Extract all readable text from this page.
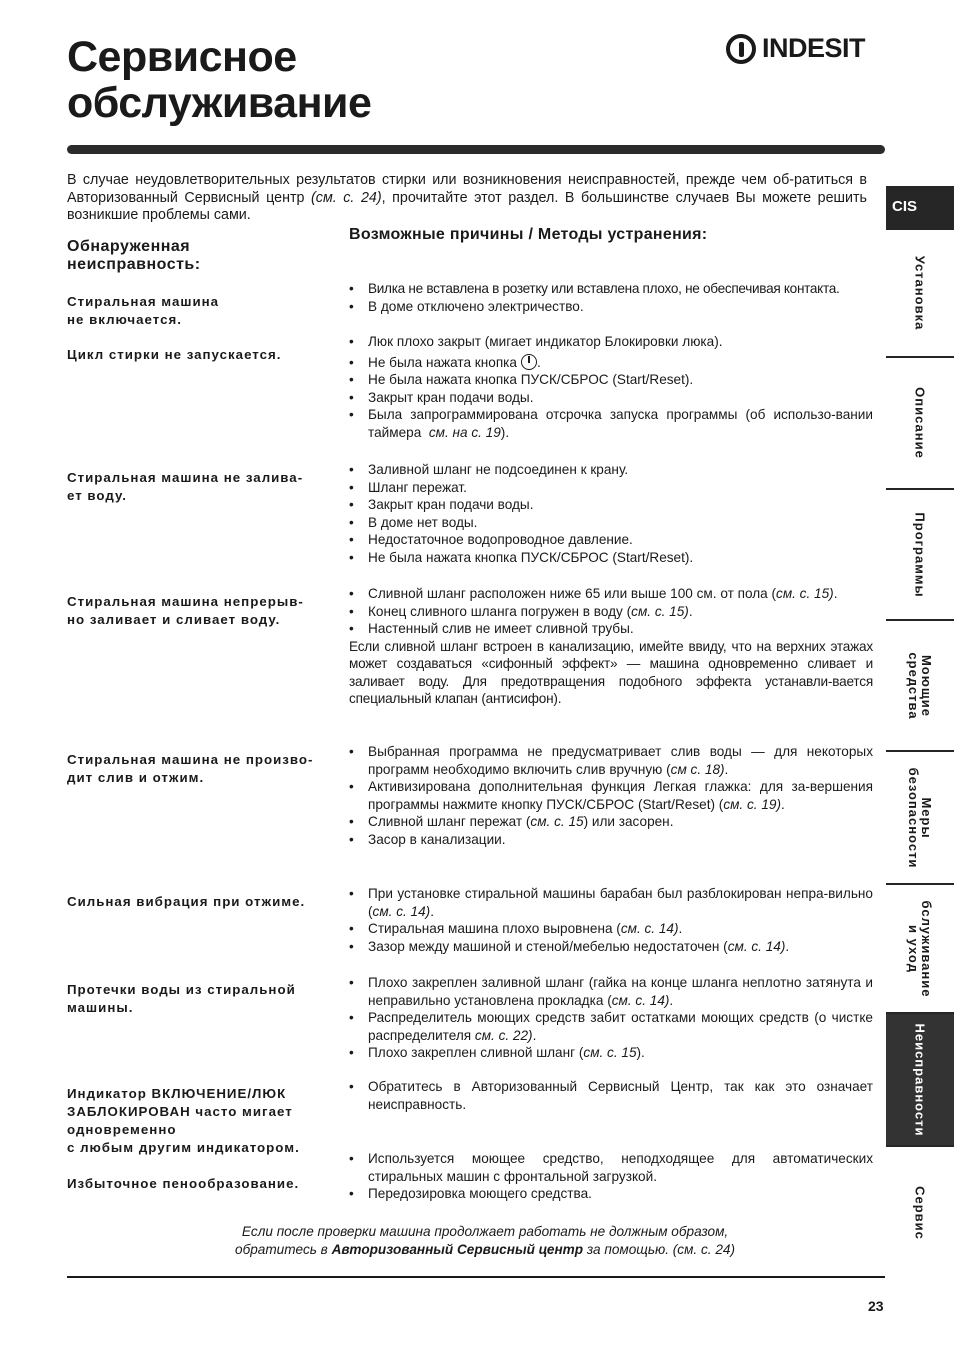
Сервисное
обслуживание
INDESIT
В случае неудовлетворительных результатов стирки или возникновения неисправностей, прежде чем об-ратиться в Авторизованный Сервисный центр (см. с. 24), прочитайте этот раздел. В большинстве случаев Вы можете решить возникшие проблемы сами.
Обнаруженная
неисправность:
Возможные причины / Методы устранения:
Стиральная машина
не включается.
Цикл стирки не запускается.
Стиральная машина не залива-
ет воду.
Стиральная машина непрерыв-
но заливает и сливает воду.
Стиральная машина не произво-
дит слив и отжим.
Сильная вибрация при отжиме.
Протечки воды из стиральной
машины.
Индикатор ВКЛЮЧЕНИЕ/ЛЮК
ЗАБЛОКИРОВАН часто мигает
одновременно
с любым другим индикатором.
Избыточное пенообразование.
• Вилка не вставлена в розетку или вставлена плохо, не обеспечивая контакта.
• В доме отключено электричество.
• Люк плохо закрыт (мигает индикатор Блокировки люка).
• Не была нажата кнопка .
• Не была нажата кнопка ПУСК/СБРОС (Start/Reset).
• Закрыт кран подачи воды.
• Была запрограммирована отсрочка запуска программы (об использо-вании таймера см. на с. 19).
• Заливной шланг не подсоединен к крану.
• Шланг пережат.
• Закрыт кран подачи воды.
• В доме нет воды.
• Недостаточное водопроводное давление.
• Не была нажата кнопка ПУСК/СБРОС (Start/Reset).
• Сливной шланг расположен ниже 65 или выше 100 см. от пола (см. с. 15).
• Конец сливного шланга погружен в воду (см. с. 15).
• Настенный слив не имеет сливной трубы.

Если сливной шланг встроен в канализацию, имейте ввиду, что на верхних этажах может создаваться «сифонный эффект» — машина одновременно сливает и заливает воду. Для предотвращения подобного эффекта устанавли-вается специальный клапан (антисифон).

• Выбранная программа не предусматривает слив воды — для некоторых программ необходимо включить слив вручную (см с. 18).
• Активизирована дополнительная функция Легкая глажка: для за-вершения программы нажмите кнопку ПУСК/СБРОС (Start/Reset) (см. с. 19).
• Сливной шланг пережат (см. с. 15) или засорен.
• Засор в канализации.
• При установке стиральной машины барабан был разблокирован непра-вильно (см. с. 14).
• Стиральная машина плохо выровнена (см. с. 14).
• Зазор между машиной и стеной/мебелью недостаточен (см. с. 14).
• Плохо закреплен заливной шланг (гайка на конце шланга неплотно затянута и неправильно установлена прокладка (см. с. 14).
• Распределитель моющих средств забит остатками моющих средств (о чистке распределителя см. с. 22).
• Плохо закреплен сливной шланг (см. с. 15).
• Обратитесь в Авторизованный Сервисный Центр, так как это означает неисправность.
• Используется моющее средство, неподходящее для автоматических стиральных машин с фронтальной загрузкой.
• Передозировка моющего средства.
Если после проверки машина продолжает работать не должным образом,
обратитесь в Авторизованный Сервисный центр за помощью. (см. с. 24)
23
CIS
Установка
Описание
Программы
Моющие
средства
Меры
безопасности
бслуживание
и уход
Неисправности
Сервис
